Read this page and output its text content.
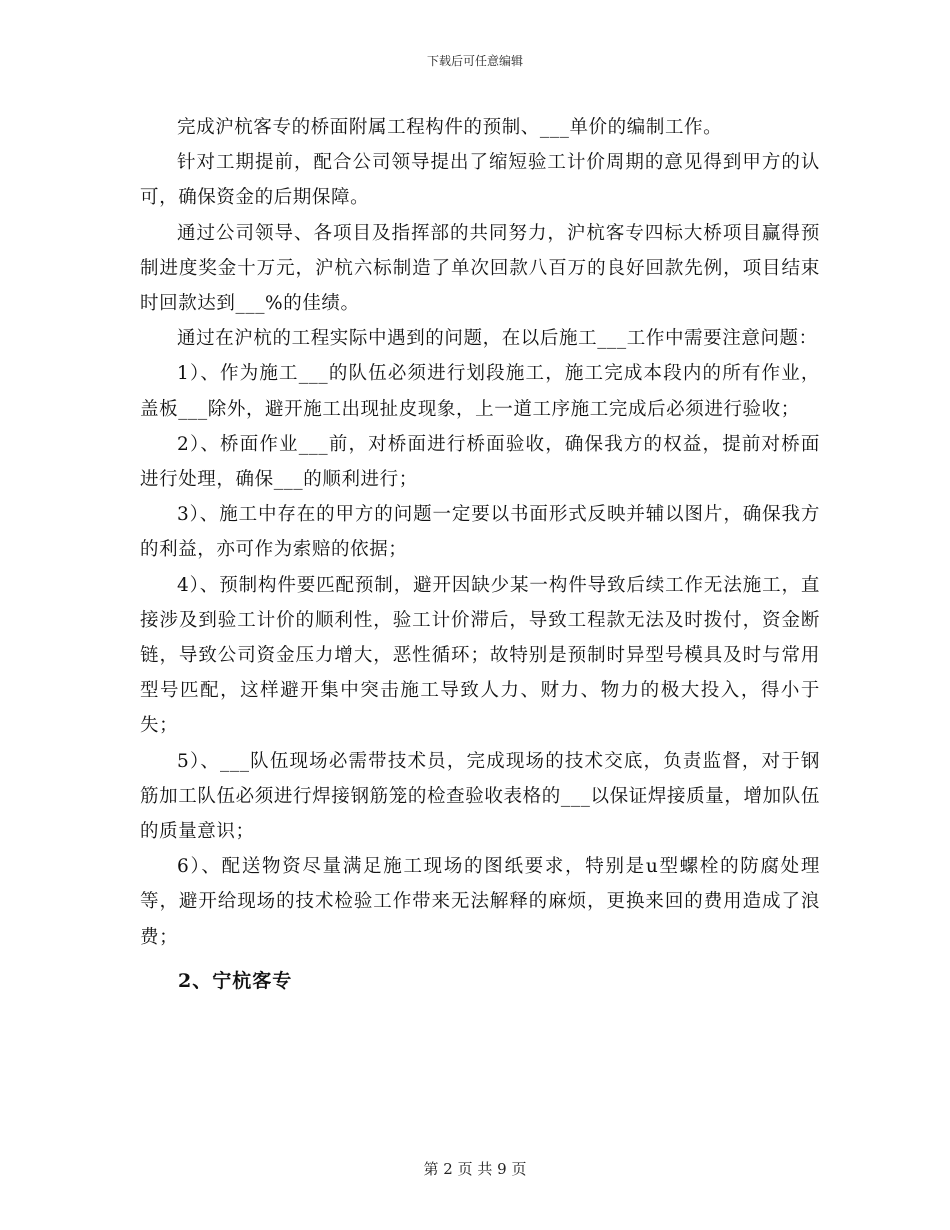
下载后可任意编辑

完成沪杭客专的桥面附属工程构件的预制、___单价的编制工作。

针对工期提前，配合公司领导提出了缩短验工计价周期的意见得到甲方的认可，确保资金的后期保障。

通过公司领导、各项目及指挥部的共同努力，沪杭客专四标大桥项目赢得预制进度奖金十万元，沪杭六标制造了单次回款八百万的良好回款先例，项目结束时回款达到___%的佳绩。

通过在沪杭的工程实际中遇到的问题，在以后施工___工作中需要注意问题：

1）、作为施工___的队伍必须进行划段施工，施工完成本段内的所有作业，盖板___除外，避开施工出现扯皮现象，上一道工序施工完成后必须进行验收；

2）、桥面作业___前，对桥面进行桥面验收，确保我方的权益，提前对桥面进行处理，确保___的顺利进行；

3）、施工中存在的甲方的问题一定要以书面形式反映并辅以图片，确保我方的利益，亦可作为索赔的依据；

4）、预制构件要匹配预制，避开因缺少某一构件导致后续工作无法施工，直接涉及到验工计价的顺利性，验工计价滞后，导致工程款无法及时拨付，资金断链，导致公司资金压力增大，恶性循环；故特别是预制时异型号模具及时与常用型号匹配，这样避开集中突击施工导致人力、财力、物力的极大投入，得小于失；

5）、___队伍现场必需带技术员，完成现场的技术交底，负责监督，对于钢筋加工队伍必须进行焊接钢筋笼的检查验收表格的___以保证焊接质量，增加队伍的质量意识；

6）、配送物资尽量满足施工现场的图纸要求，特别是u型螺栓的防腐处理等，避开给现场的技术检验工作带来无法解释的麻烦，更换来回的费用造成了浪费；

2、宁杭客专

第 2 页 共 9 页
